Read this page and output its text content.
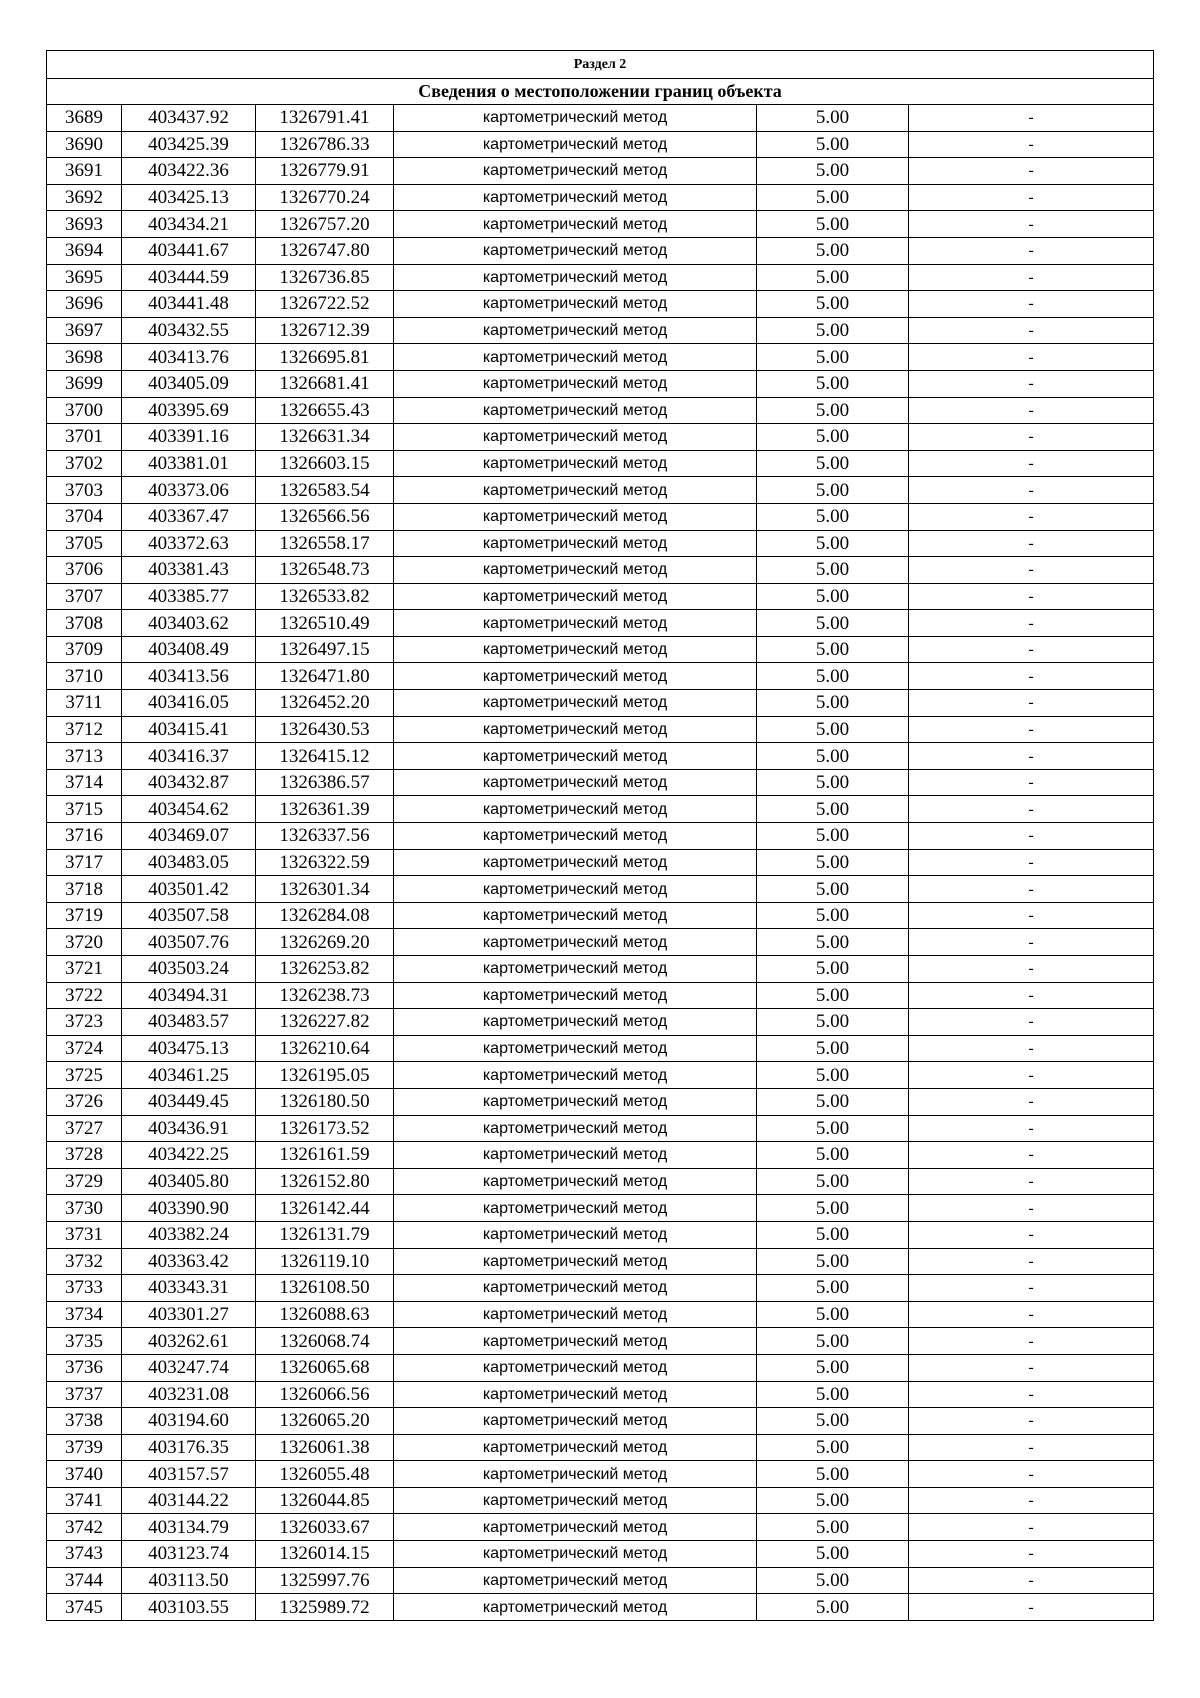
Раздел 2					
Сведения о местоположении границ объекта					
3689	403437.92	1326791.41	картометрический метод	5.00	-
3690	403425.39	1326786.33	картометрический метод	5.00	-
3691	403422.36	1326779.91	картометрический метод	5.00	-
3692	403425.13	1326770.24	картометрический метод	5.00	-
3693	403434.21	1326757.20	картометрический метод	5.00	-
3694	403441.67	1326747.80	картометрический метод	5.00	-
3695	403444.59	1326736.85	картометрический метод	5.00	-
3696	403441.48	1326722.52	картометрический метод	5.00	-
3697	403432.55	1326712.39	картометрический метод	5.00	-
3698	403413.76	1326695.81	картометрический метод	5.00	-
3699	403405.09	1326681.41	картометрический метод	5.00	-
3700	403395.69	1326655.43	картометрический метод	5.00	-
3701	403391.16	1326631.34	картометрический метод	5.00	-
3702	403381.01	1326603.15	картометрический метод	5.00	-
3703	403373.06	1326583.54	картометрический метод	5.00	-
3704	403367.47	1326566.56	картометрический метод	5.00	-
3705	403372.63	1326558.17	картометрический метод	5.00	-
3706	403381.43	1326548.73	картометрический метод	5.00	-
3707	403385.77	1326533.82	картометрический метод	5.00	-
3708	403403.62	1326510.49	картометрический метод	5.00	-
3709	403408.49	1326497.15	картометрический метод	5.00	-
3710	403413.56	1326471.80	картометрический метод	5.00	-
3711	403416.05	1326452.20	картометрический метод	5.00	-
3712	403415.41	1326430.53	картометрический метод	5.00	-
3713	403416.37	1326415.12	картометрический метод	5.00	-
3714	403432.87	1326386.57	картометрический метод	5.00	-
3715	403454.62	1326361.39	картометрический метод	5.00	-
3716	403469.07	1326337.56	картометрический метод	5.00	-
3717	403483.05	1326322.59	картометрический метод	5.00	-
3718	403501.42	1326301.34	картометрический метод	5.00	-
3719	403507.58	1326284.08	картометрический метод	5.00	-
3720	403507.76	1326269.20	картометрический метод	5.00	-
3721	403503.24	1326253.82	картометрический метод	5.00	-
3722	403494.31	1326238.73	картометрический метод	5.00	-
3723	403483.57	1326227.82	картометрический метод	5.00	-
3724	403475.13	1326210.64	картометрический метод	5.00	-
3725	403461.25	1326195.05	картометрический метод	5.00	-
3726	403449.45	1326180.50	картометрический метод	5.00	-
3727	403436.91	1326173.52	картометрический метод	5.00	-
3728	403422.25	1326161.59	картометрический метод	5.00	-
3729	403405.80	1326152.80	картометрический метод	5.00	-
3730	403390.90	1326142.44	картометрический метод	5.00	-
3731	403382.24	1326131.79	картометрический метод	5.00	-
3732	403363.42	1326119.10	картометрический метод	5.00	-
3733	403343.31	1326108.50	картометрический метод	5.00	-
3734	403301.27	1326088.63	картометрический метод	5.00	-
3735	403262.61	1326068.74	картометрический метод	5.00	-
3736	403247.74	1326065.68	картометрический метод	5.00	-
3737	403231.08	1326066.56	картометрический метод	5.00	-
3738	403194.60	1326065.20	картометрический метод	5.00	-
3739	403176.35	1326061.38	картометрический метод	5.00	-
3740	403157.57	1326055.48	картометрический метод	5.00	-
3741	403144.22	1326044.85	картометрический метод	5.00	-
3742	403134.79	1326033.67	картометрический метод	5.00	-
3743	403123.74	1326014.15	картометрический метод	5.00	-
3744	403113.50	1325997.76	картометрический метод	5.00	-
3745	403103.55	1325989.72	картометрический метод	5.00	-
